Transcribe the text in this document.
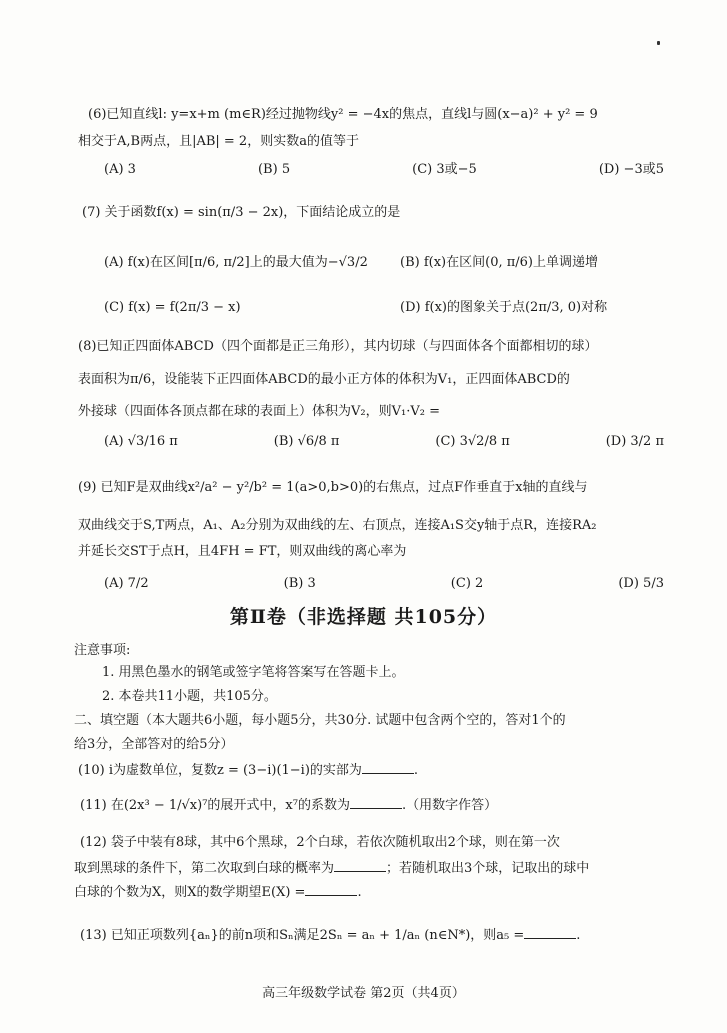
(6)已知直线l: y=x+m (m∈R)经过抛物线y² = −4x的焦点，直线l与圆(x−a)² + y² = 9
相交于A,B两点，且|AB| = 2，则实数a的值等于
(A) 3	(B) 5	(C) 3或−5	(D) −3或5
(7) 关于函数f(x) = sin(π/3 − 2x)，下面结论成立的是
(A) f(x)在区间[π/6, π/2]上的最大值为−√3/2 (B) f(x)在区间(0, π/6)上单调递增
(C) f(x) = f(2π/3 − x)	(D) f(x)的图象关于点(2π/3, 0)对称
(8)已知正四面体ABCD（四个面都是正三角形），其内切球（与四面体各个面都相切的球）
表面积为π/6，设能装下正四面体ABCD的最小正方体的体积为V₁，正四面体ABCD的
外接球（四面体各顶点都在球的表面上）体积为V₂，则V₁·V₂ =
(A) √3/16 π	(B) √6/8 π	(C) 3√2/8 π	(D) 3/2 π
(9) 已知F是双曲线x²/a² − y²/b² = 1(a>0,b>0)的右焦点，过点F作垂直于x轴的直线与
双曲线交于S,T两点，A₁、A₂分别为双曲线的左、右顶点，连接A₁S交y轴于点R，连接RA₂
并延长交ST于点H，且4FH = FT，则双曲线的离心率为
(A) 7/2	(B) 3	(C) 2	(D) 5/3
第Ⅱ卷（非选择题 共105分）
注意事项:
1. 用黑色墨水的钢笔或签字笔将答案写在答题卡上。
2. 本卷共11小题，共105分。
二、填空题（本大题共6小题，每小题5分，共30分. 试题中包含两个空的，答对1个的
给3分，全部答对的给5分）
(10) i为虚数单位，复数z = (3−i)(1−i)的实部为	.
(11) 在(2x³ − 1/√x)⁷的展开式中，x⁷的系数为	.（用数字作答）
(12) 袋子中装有8球，其中6个黑球，2个白球，若依次随机取出2个球，则在第一次
取到黑球的条件下，第二次取到白球的概率为	；若随机取出3个球，记取出的球中
白球的个数为X，则X的数学期望E(X) =	.
(13) 已知正项数列{aₙ}的前n项和Sₙ满足2Sₙ = aₙ + 1/aₙ (n∈N*)，则a₅ =	.
高三年级数学试卷 第2页（共4页）
